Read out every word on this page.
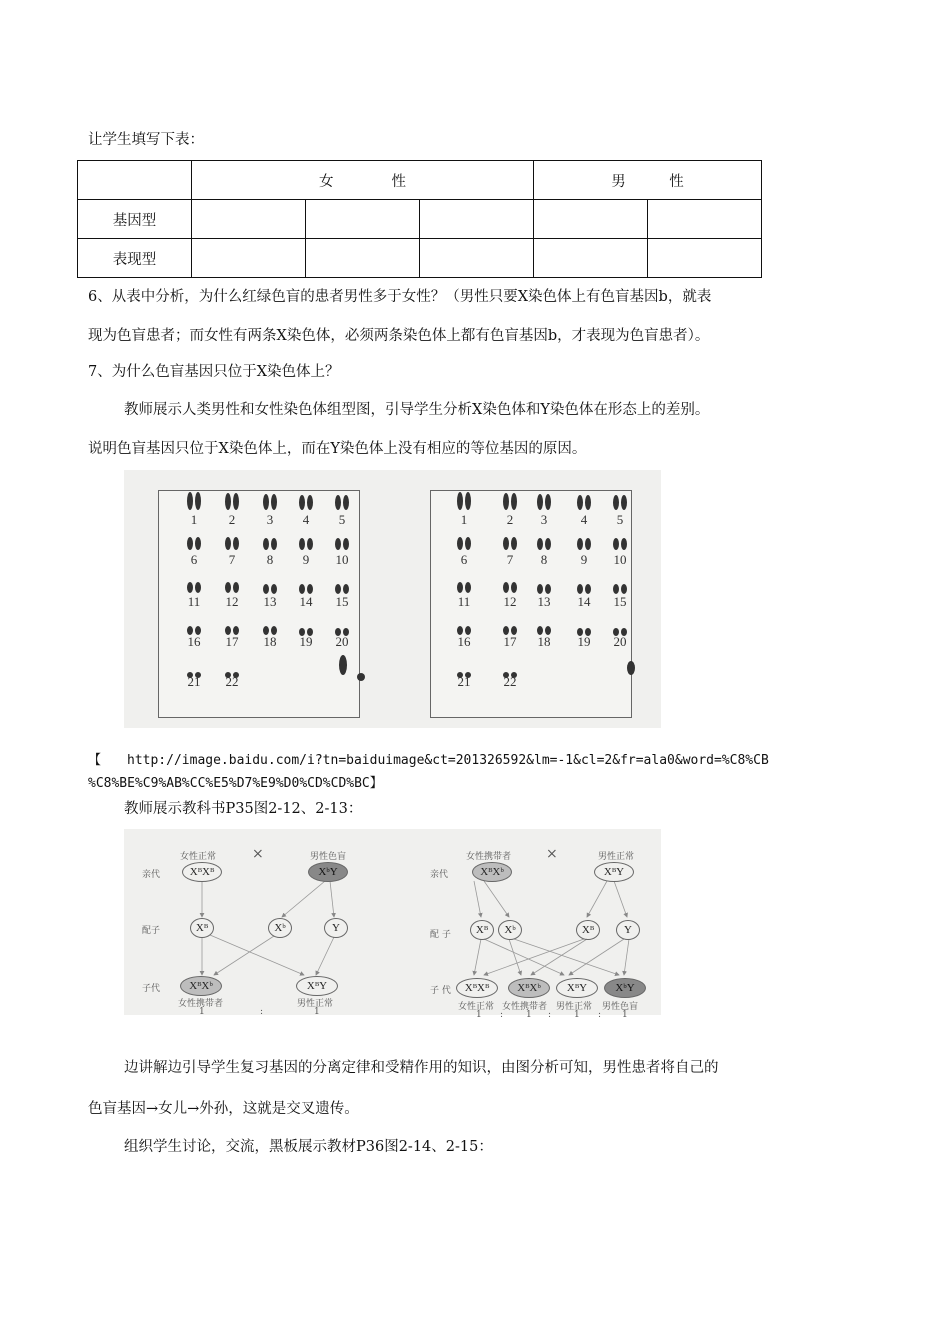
让学生填写下表：
	女　　　　性			男　　　性	
基因型					
表现型					
6、从表中分析，为什么红绿色盲的患者男性多于女性？（男性只要X染色体上有色盲基因b，就表
现为色盲患者；而女性有两条X染色体，必须两条染色体上都有色盲基因b，才表现为色盲患者）。
7、为什么色盲基因只位于X染色体上？
教师展示人类男性和女性染色体组型图，引导学生分析X染色体和Y染色体在形态上的差别。
说明色盲基因只位于X染色体上，而在Y染色体上没有相应的等位基因的原因。
1	2	3	4	5
6	7	8	9	10
11	12	13	14	15
16	17	18	19	20
21	22
1	2	3	4	5
6	7	8	9	10
11	12	13	14	15
16	17	18	19	20
21	22
【　　http://image.baidu.com/i?tn=baiduimage&ct=201326592&lm=-1&cl=2&fr=ala0&word=%C8%CB
%C8%BE%C9%AB%CC%E5%D7%E9%D0%CD%CD%BC】
教师展示教科书P35图2-12、2-13：
亲代
配子
子代
女性正常	男性色盲
×
XᴮXᴮ	XᵇY
Xᴮ	Xᵇ	Y
XᴮXᵇ	XᴮY
女性携带者	男性正常
1	:	1
亲代
配 子
子 代
女性携带者	男性正常
×
XᴮXᵇ	XᴮY
Xᴮ	Xᵇ	Xᴮ	Y
XᴮXᴮ	XᴮXᵇ	XᴮY	XᵇY
女性正常 女性携带者 男性正常 男性色盲
1 :	1 :	1 : 1
边讲解边引导学生复习基因的分离定律和受精作用的知识，由图分析可知，男性患者将自己的
色盲基因→女儿→外孙，这就是交叉遗传。
组织学生讨论，交流，黑板展示教材P36图2-14、2-15：
